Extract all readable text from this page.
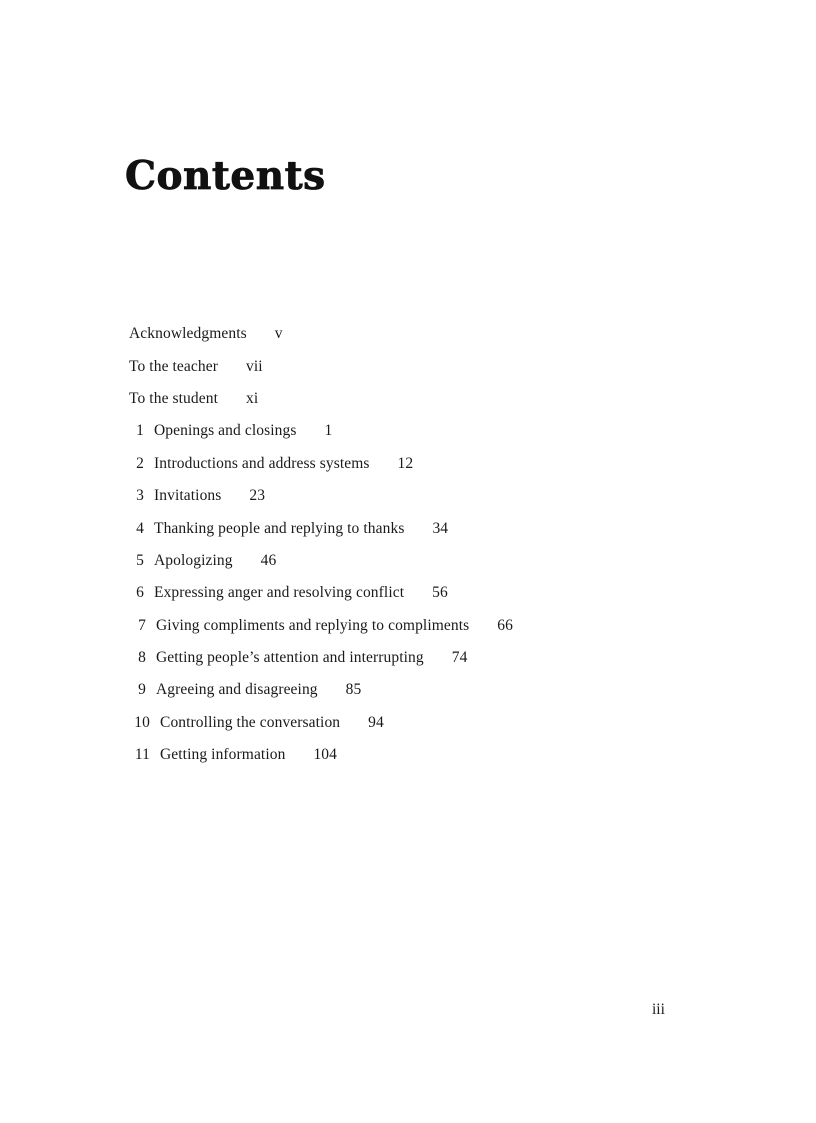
Contents
Acknowledgments v
To the teacher vii
To the student xi
1 Openings and closings 1
2 Introductions and address systems 12
3 Invitations 23
4 Thanking people and replying to thanks 34
5 Apologizing 46
6 Expressing anger and resolving conflict 56
7 Giving compliments and replying to compliments 66
8 Getting people’s attention and interrupting 74
9 Agreeing and disagreeing 85
10 Controlling the conversation 94
11 Getting information 104

iii
